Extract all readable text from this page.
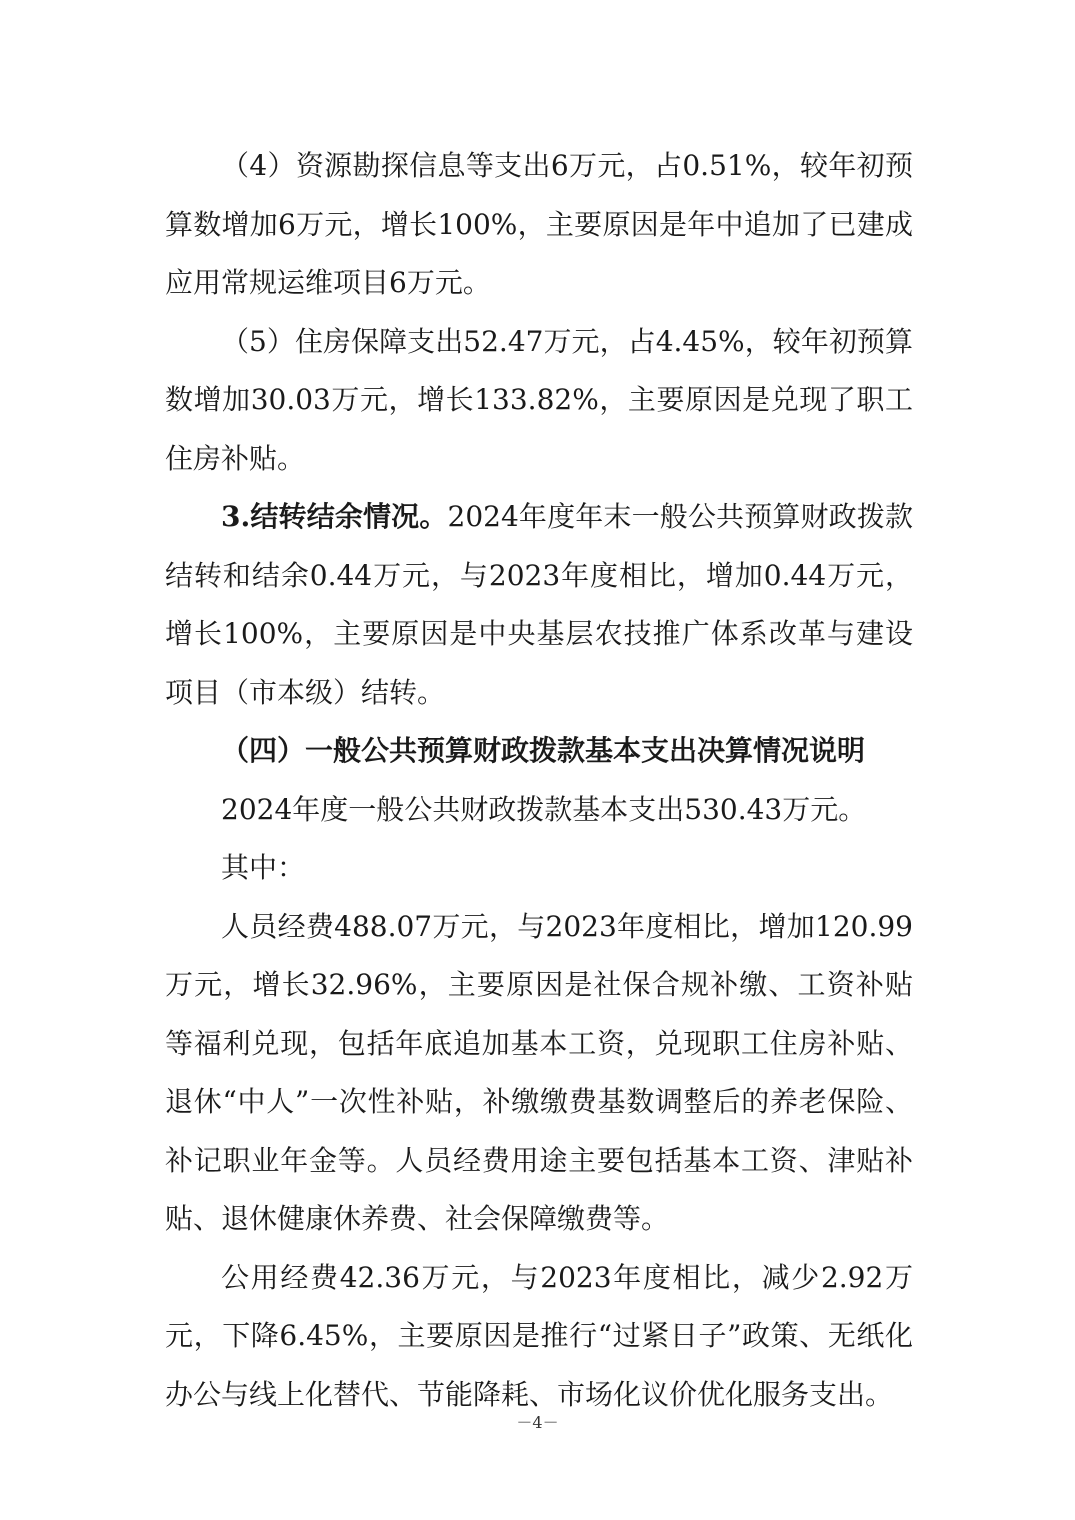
（4）资源勘探信息等支出6万元，占0.51%，较年初预算数增加6万元，增长100%，主要原因是年中追加了已建成应用常规运维项目6万元。

（5）住房保障支出52.47万元，占4.45%，较年初预算数增加30.03万元，增长133.82%，主要原因是兑现了职工住房补贴。

3.结转结余情况。2024年度年末一般公共预算财政拨款结转和结余0.44万元，与2023年度相比，增加0.44万元，增长100%，主要原因是中央基层农技推广体系改革与建设项目（市本级）结转。

（四）一般公共预算财政拨款基本支出决算情况说明

2024年度一般公共财政拨款基本支出530.43万元。

其中：

人员经费488.07万元，与2023年度相比，增加120.99万元，增长32.96%，主要原因是社保合规补缴、工资补贴等福利兑现，包括年底追加基本工资，兑现职工住房补贴、退休“中人”一次性补贴，补缴缴费基数调整后的养老保险、补记职业年金等。人员经费用途主要包括基本工资、津贴补贴、退休健康休养费、社会保障缴费等。

公用经费42.36万元，与2023年度相比，减少2.92万元，下降6.45%，主要原因是推行“过紧日子”政策、无纸化办公与线上化替代、节能降耗、市场化议价优化服务支出。

－4－
